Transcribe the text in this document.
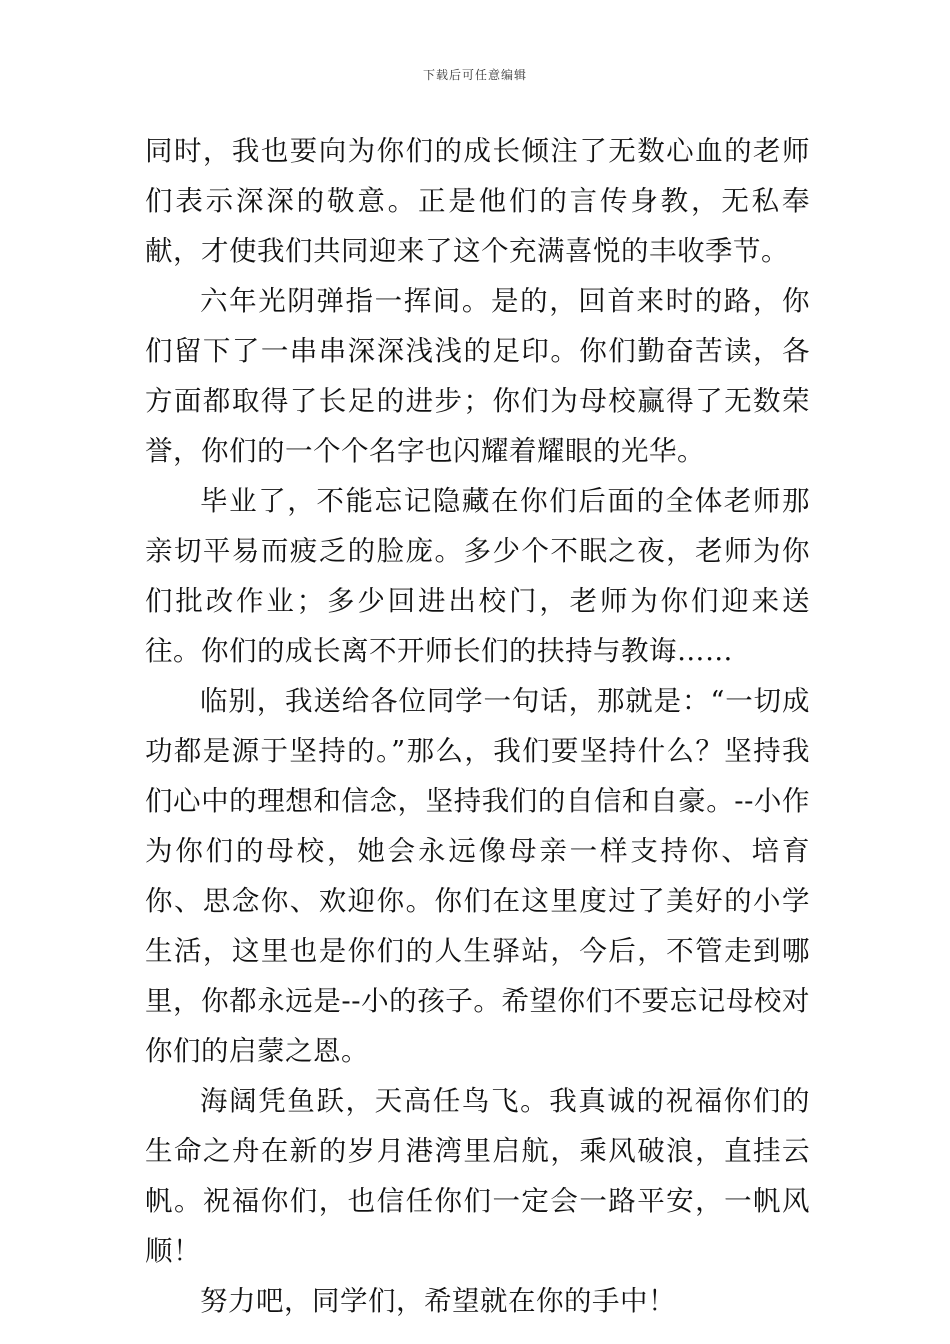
下载后可任意编辑

同时，我也要向为你们的成长倾注了无数心血的老师们表示深深的敬意。正是他们的言传身教，无私奉献，才使我们共同迎来了这个充满喜悦的丰收季节。

六年光阴弹指一挥间。是的，回首来时的路，你们留下了一串串深深浅浅的足印。你们勤奋苦读，各方面都取得了长足的进步；你们为母校赢得了无数荣誉，你们的一个个名字也闪耀着耀眼的光华。

毕业了，不能忘记隐藏在你们后面的全体老师那亲切平易而疲乏的脸庞。多少个不眠之夜，老师为你们批改作业；多少回进出校门，老师为你们迎来送往。你们的成长离不开师长们的扶持与教诲……

临别，我送给各位同学一句话，那就是：“一切成功都是源于坚持的。”那么，我们要坚持什么？坚持我们心中的理想和信念，坚持我们的自信和自豪。--小作为你们的母校，她会永远像母亲一样支持你、培育你、思念你、欢迎你。你们在这里度过了美好的小学生活，这里也是你们的人生驿站，今后，不管走到哪里，你都永远是--小的孩子。希望你们不要忘记母校对你们的启蒙之恩。

海阔凭鱼跃，天高任鸟飞。我真诚的祝福你们的生命之舟在新的岁月港湾里启航，乘风破浪，直挂云帆。祝福你们，也信任你们一定会一路平安，一帆风顺！

努力吧，同学们，希望就在你的手中！
